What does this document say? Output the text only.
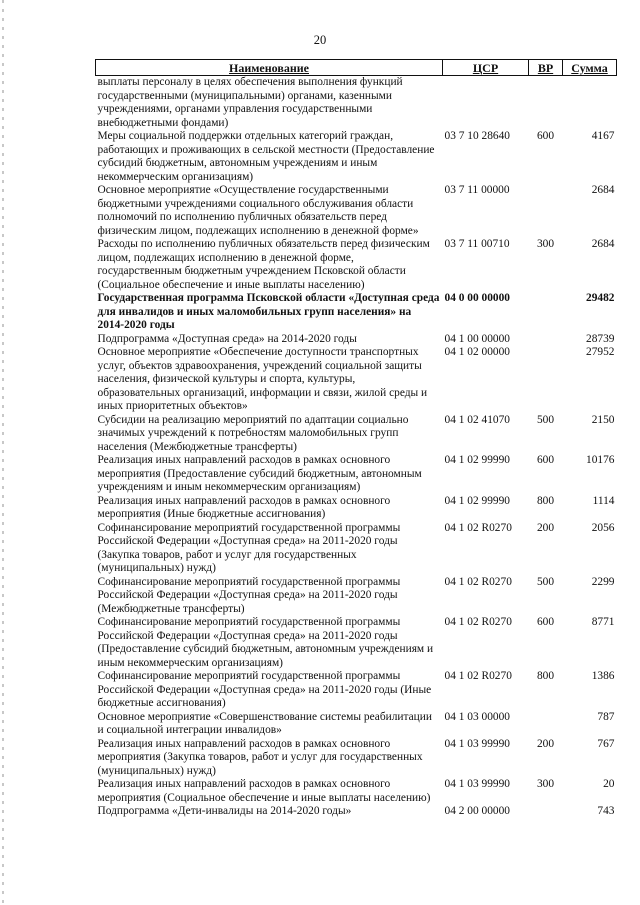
20
Наименование	ЦСР	ВР	Сумма
выплаты персоналу в целях обеспечения выполнения функций государственными (муниципальными) органами, казенными учреждениями, органами управления государственными внебюджетными фондами)			
Меры социальной поддержки отдельных категорий граждан, работающих и проживающих в сельской местности (Предоставление субсидий бюджетным, автономным учреждениям и иным некоммерческим организациям)	03 7 10 28640	600	4167
Основное мероприятие «Осуществление государственными бюджетными учреждениями социального обслуживания области полномочий по исполнению публичных обязательств перед физическим лицом, подлежащих исполнению в денежной форме»	03 7 11 00000		2684
Расходы по исполнению публичных обязательств перед физическим лицом, подлежащих исполнению в денежной форме, государственным бюджетным учреждением Псковской области (Социальное обеспечение и иные выплаты населению)	03 7 11 00710	300	2684
Государственная программа Псковской области «Доступная среда для инвалидов и иных маломобильных групп населения» на 2014-2020 годы	04 0 00 00000		29482
Подпрограмма «Доступная среда» на 2014-2020 годы	04 1 00 00000		28739
Основное мероприятие «Обеспечение доступности транспортных услуг, объектов здравоохранения, учреждений социальной защиты населения, физической культуры и спорта, культуры, образовательных организаций, информации и связи, жилой среды и иных приоритетных объектов»	04 1 02 00000		27952
Субсидии на реализацию мероприятий по адаптации социально значимых учреждений к потребностям маломобильных групп населения (Межбюджетные трансферты)	04 1 02 41070	500	2150
Реализация иных направлений расходов в рамках основного мероприятия (Предоставление субсидий бюджетным, автономным учреждениям и иным некоммерческим организациям)	04 1 02 99990	600	10176
Реализация иных направлений расходов в рамках основного мероприятия (Иные бюджетные ассигнования)	04 1 02 99990	800	1114
Софинансирование мероприятий государственной программы Российской Федерации «Доступная среда» на 2011-2020 годы (Закупка товаров, работ и услуг для государственных (муниципальных) нужд)	04 1 02 R0270	200	2056
Софинансирование мероприятий государственной программы Российской Федерации «Доступная среда» на 2011-2020 годы (Межбюджетные трансферты)	04 1 02 R0270	500	2299
Софинансирование мероприятий государственной программы Российской Федерации «Доступная среда» на 2011-2020 годы (Предоставление субсидий бюджетным, автономным учреждениям и иным некоммерческим организациям)	04 1 02 R0270	600	8771
Софинансирование мероприятий государственной программы Российской Федерации «Доступная среда» на 2011-2020 годы (Иные бюджетные ассигнования)	04 1 02 R0270	800	1386
Основное мероприятие «Совершенствование системы реабилитации и социальной интеграции инвалидов»	04 1 03 00000		787
Реализация иных направлений расходов в рамках основного мероприятия (Закупка товаров, работ и услуг для государственных (муниципальных) нужд)	04 1 03 99990	200	767
Реализация иных направлений расходов в рамках основного мероприятия (Социальное обеспечение и иные выплаты населению)	04 1 03 99990	300	20
Подпрограмма «Дети-инвалиды на 2014-2020 годы»	04 2 00 00000		743
